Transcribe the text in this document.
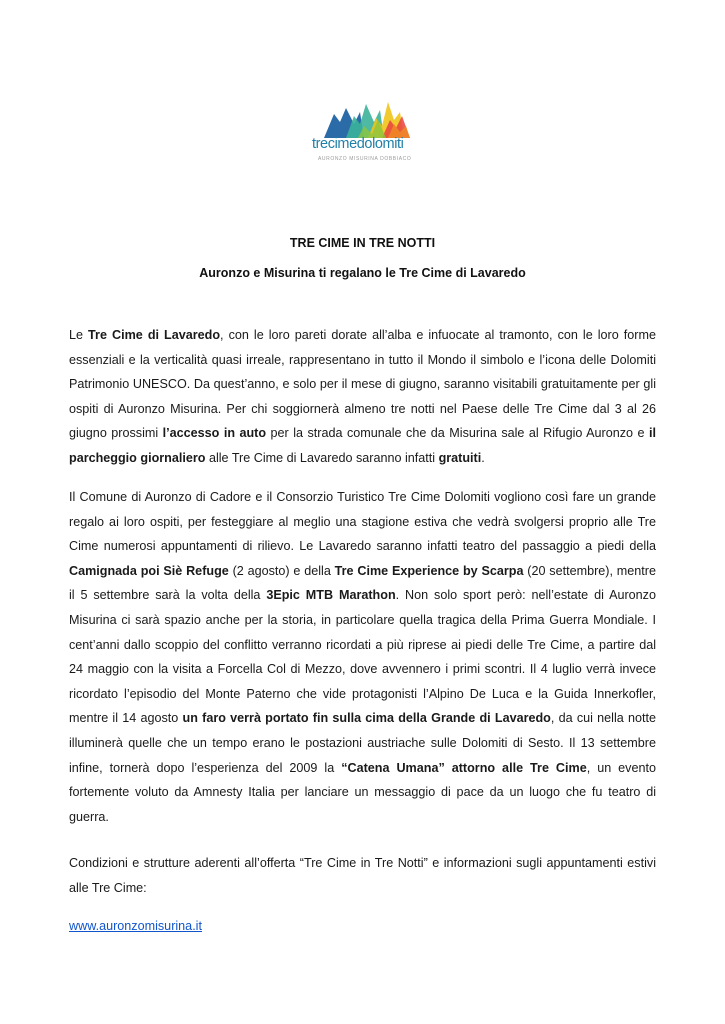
trecimedolomiti
AURONZO MISURINA DOBBIACO
TRE CIME IN TRE NOTTI
Auronzo e Misurina ti regalano le Tre Cime di Lavaredo
Le Tre Cime di Lavaredo, con le loro pareti dorate all’alba e infuocate al tramonto, con le loro forme essenziali e la verticalità quasi irreale, rappresentano in tutto il Mondo il simbolo e l’icona delle Dolomiti Patrimonio UNESCO. Da quest’anno, e solo per il mese di giugno, saranno visitabili gratuitamente per gli ospiti di Auronzo Misurina. Per chi soggiornerà almeno tre notti nel Paese delle Tre Cime dal 3 al 26 giugno prossimi l’accesso in auto per la strada comunale che da Misurina sale al Rifugio Auronzo e il parcheggio giornaliero alle Tre Cime di Lavaredo saranno infatti gratuiti.
Il Comune di Auronzo di Cadore e il Consorzio Turistico Tre Cime Dolomiti vogliono così fare un grande regalo ai loro ospiti, per festeggiare al meglio una stagione estiva che vedrà svolgersi proprio alle Tre Cime numerosi appuntamenti di rilievo. Le Lavaredo saranno infatti teatro del passaggio a piedi della Camignada poi Siè Refuge (2 agosto) e della Tre Cime Experience by Scarpa (20 settembre), mentre il 5 settembre sarà la volta della 3Epic MTB Marathon. Non solo sport però: nell’estate di Auronzo Misurina ci sarà spazio anche per la storia, in particolare quella tragica della Prima Guerra Mondiale. I cent’anni dallo scoppio del conflitto verranno ricordati a più riprese ai piedi delle Tre Cime, a partire dal 24 maggio con la visita a Forcella Col di Mezzo, dove avvennero i primi scontri. Il 4 luglio verrà invece ricordato l’episodio del Monte Paterno che vide protagonisti l’Alpino De Luca e la Guida Innerkofler, mentre il 14 agosto un faro verrà portato fin sulla cima della Grande di Lavaredo, da cui nella notte illuminerà quelle che un tempo erano le postazioni austriache sulle Dolomiti di Sesto. Il 13 settembre infine, tornerà dopo l’esperienza del 2009 la “Catena Umana” attorno alle Tre Cime, un evento fortemente voluto da Amnesty Italia per lanciare un messaggio di pace da un luogo che fu teatro di guerra.
Condizioni e strutture aderenti all’offerta “Tre Cime in Tre Notti” e informazioni sugli appuntamenti estivi alle Tre Cime:
www.auronzomisurina.it
